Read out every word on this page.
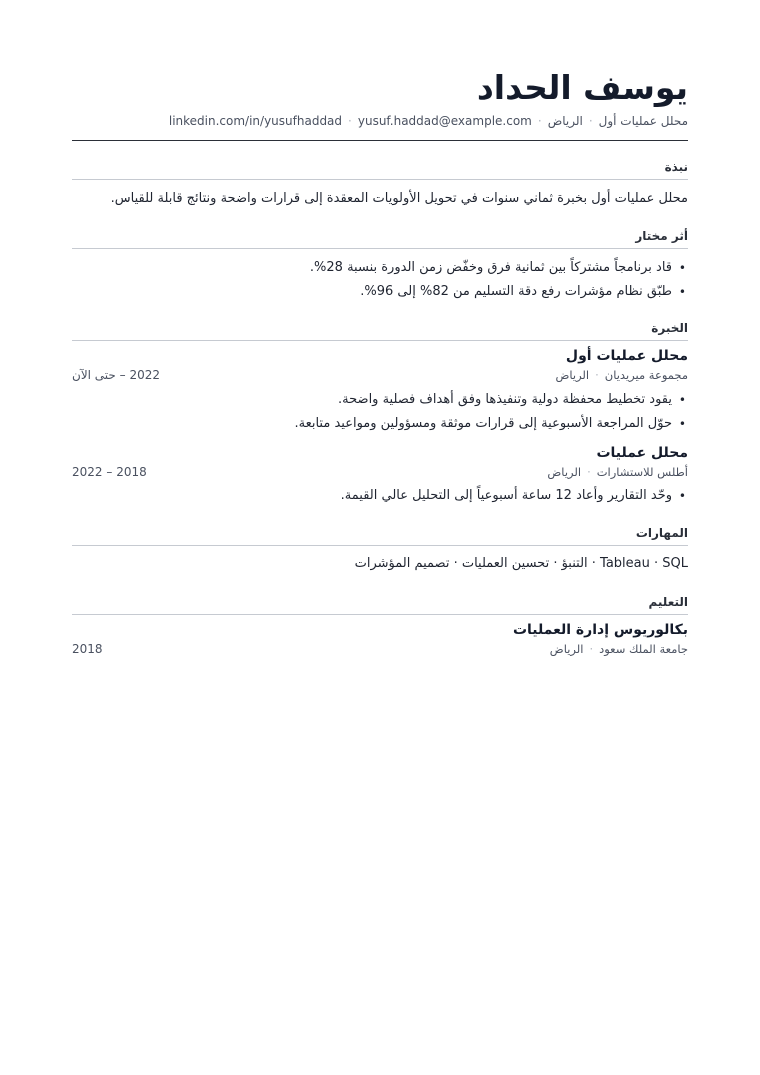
يوسف الحداد
محلل عمليات أول·الرياض·yusuf.haddad@example.com·linkedin.com/in/yusufhaddad
نبذة
محلل عمليات أول بخبرة ثماني سنوات في تحويل الأولويات المعقدة إلى قرارات واضحة ونتائج قابلة للقياس.
أثر مختار
• قاد برنامجاً مشتركاً بين ثمانية فرق وخفّض زمن الدورة بنسبة 28%.
• طبّق نظام مؤشرات رفع دقة التسليم من 82% إلى 96%.
الخبرة
محلل عمليات أول
مجموعة ميريديان·الرياض
2022 – حتى الآن
• يقود تخطيط محفظة دولية وتنفيذها وفق أهداف فصلية واضحة.
• حوّل المراجعة الأسبوعية إلى قرارات موثقة ومسؤولين ومواعيد متابعة.
محلل عمليات
أطلس للاستشارات·الرياض
2018 – 2022
• وحّد التقارير وأعاد 12 ساعة أسبوعياً إلى التحليل عالي القيمة.
المهارات
Tableau · SQL · التنبؤ · تحسين العمليات · تصميم المؤشرات
التعليم
بكالوريوس إدارة العمليات
جامعة الملك سعود·الرياض
2018
